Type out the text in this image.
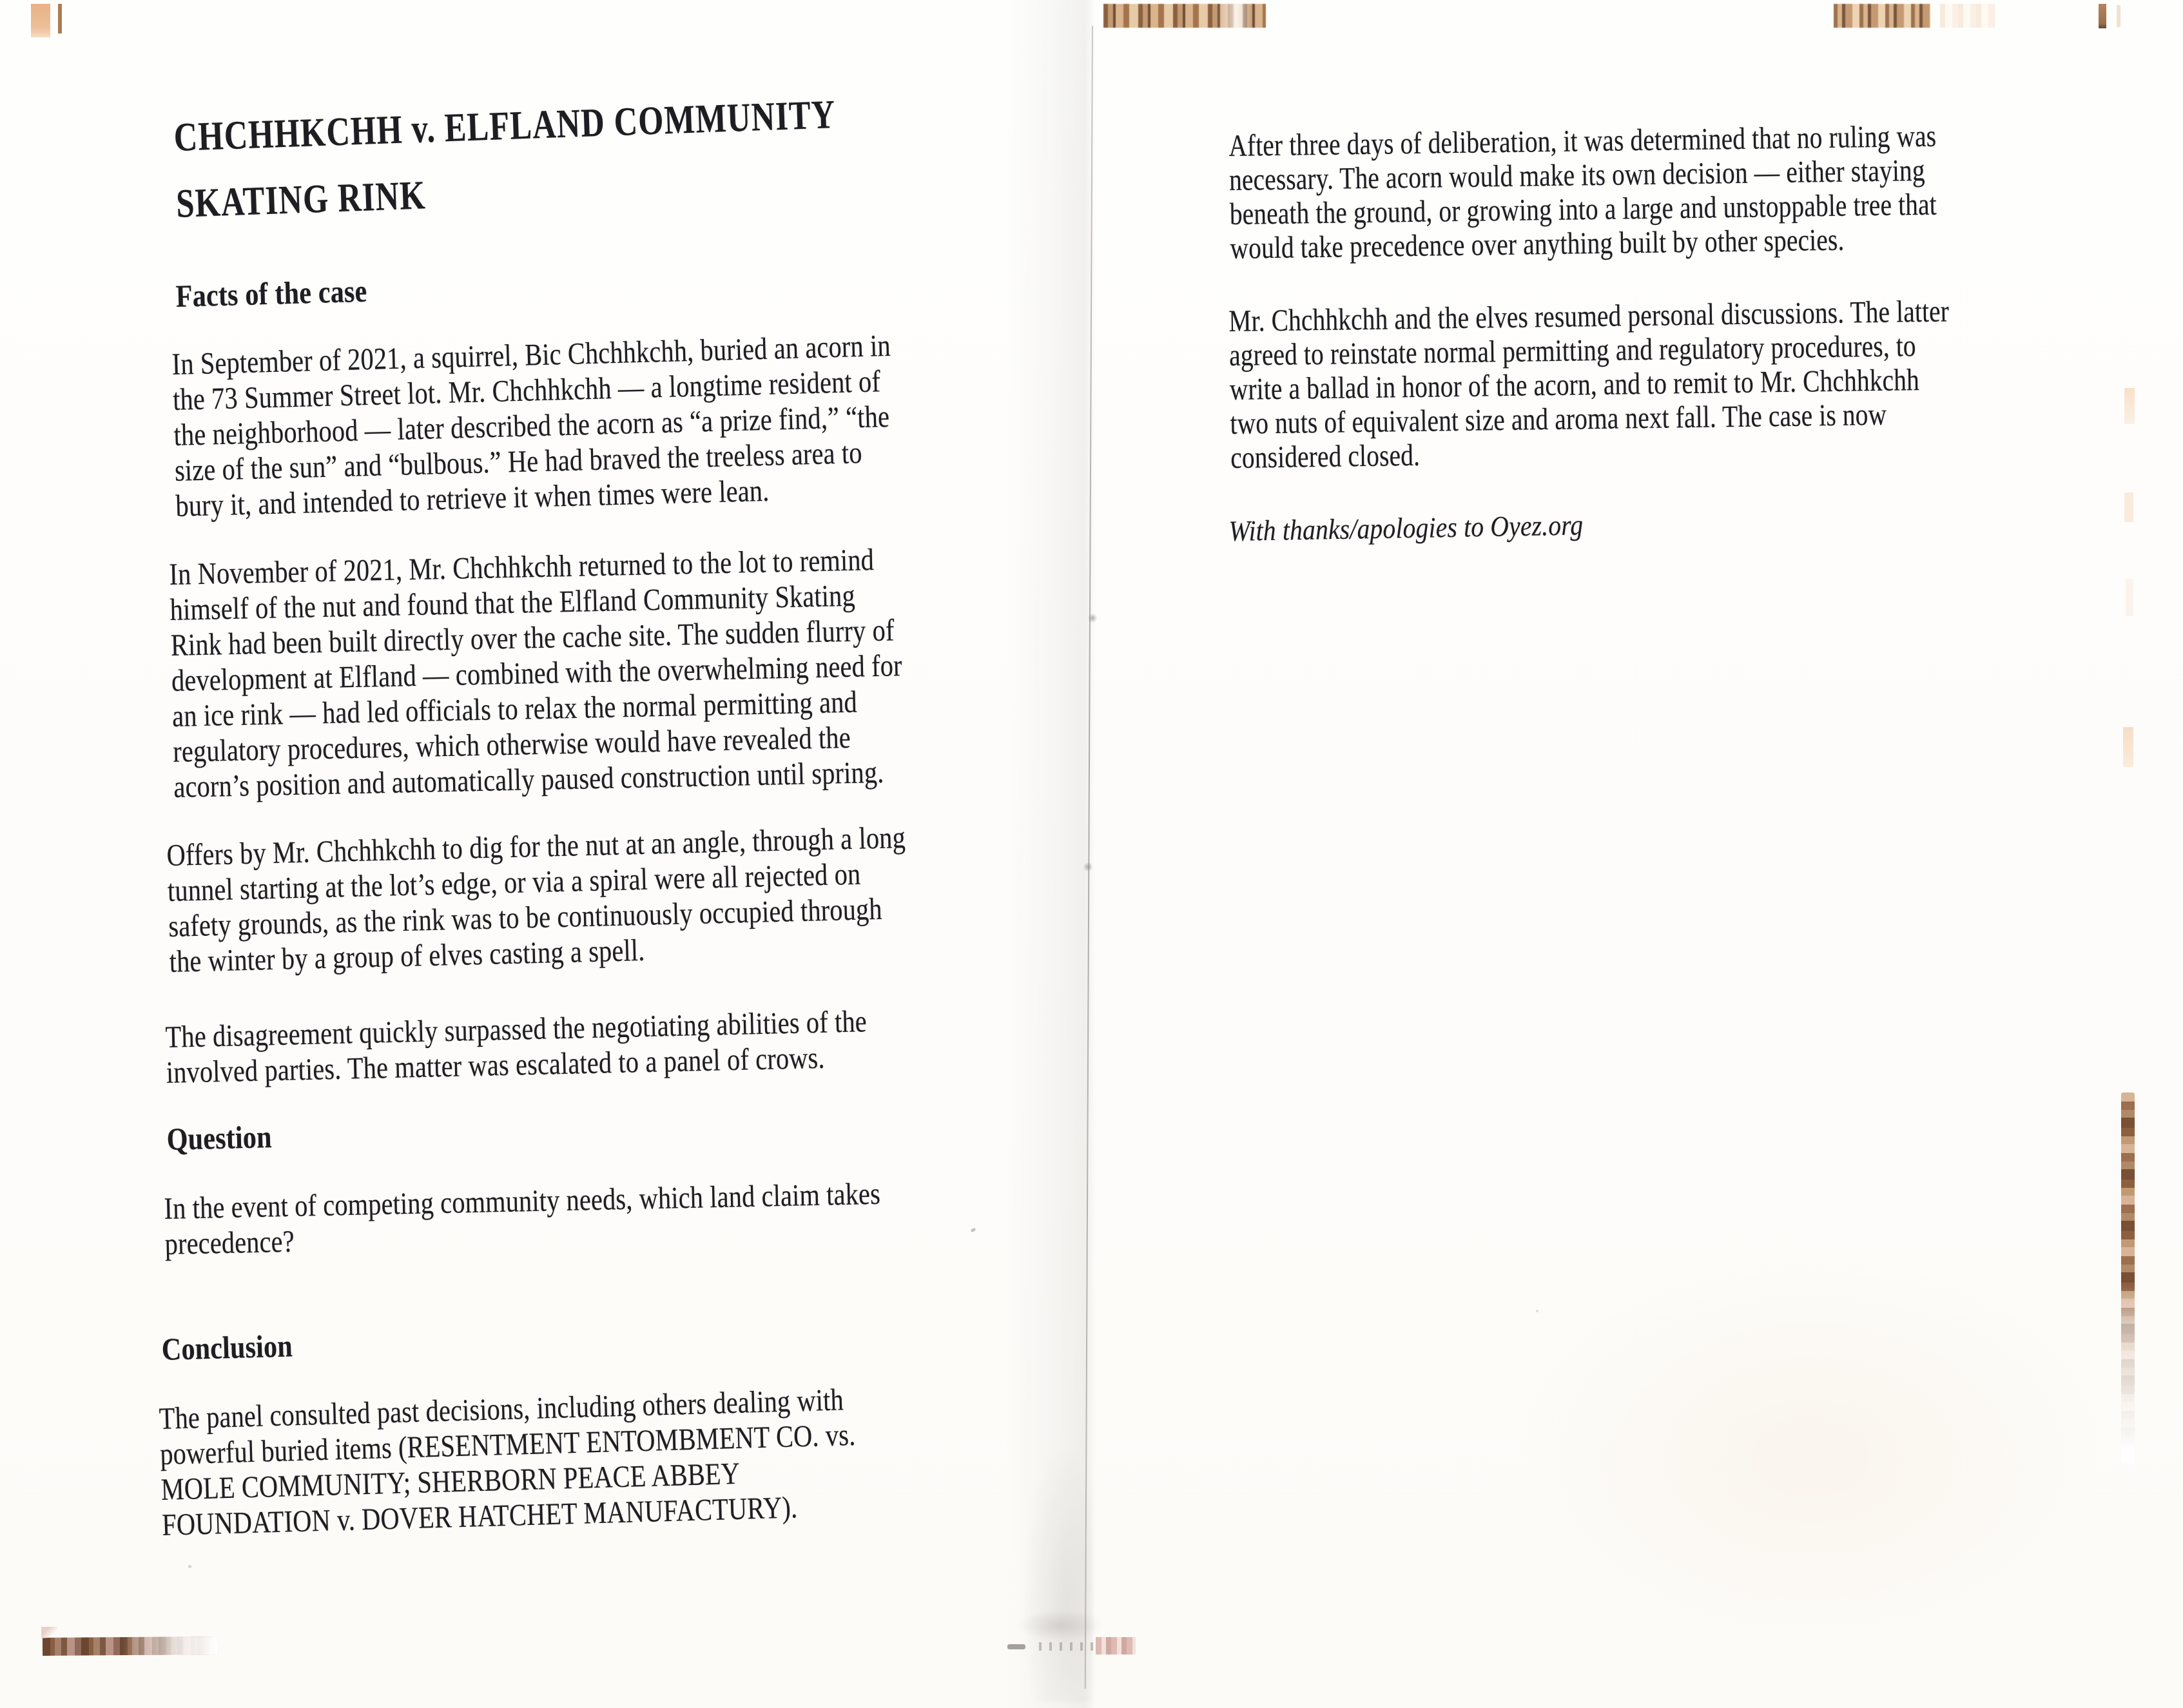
CHCHHKCHH v. ELFLAND COMMUNITY
SKATING RINK
Facts of the case
In September of 2021, a squirrel, Bic Chchhkchh, buried an acorn in
the 73 Summer Street lot. Mr. Chchhkchh — a longtime resident of
the neighborhood — later described the acorn as “a prize find,” “the
size of the sun” and “bulbous.” He had braved the treeless area to
bury it, and intended to retrieve it when times were lean.
In November of 2021, Mr. Chchhkchh returned to the lot to remind
himself of the nut and found that the Elfland Community Skating
Rink had been built directly over the cache site. The sudden flurry of
development at Elfland — combined with the overwhelming need for
an ice rink — had led officials to relax the normal permitting and
regulatory procedures, which otherwise would have revealed the
acorn’s position and automatically paused construction until spring.
Offers by Mr. Chchhkchh to dig for the nut at an angle, through a long
tunnel starting at the lot’s edge, or via a spiral were all rejected on
safety grounds, as the rink was to be continuously occupied through
the winter by a group of elves casting a spell.
The disagreement quickly surpassed the negotiating abilities of the
involved parties. The matter was escalated to a panel of crows.
Question
In the event of competing community needs, which land claim takes
precedence?
Conclusion
The panel consulted past decisions, including others dealing with
powerful buried items (RESENTMENT ENTOMBMENT CO. vs.
MOLE COMMUNITY; SHERBORN PEACE ABBEY
FOUNDATION v. DOVER HATCHET MANUFACTURY).
After three days of deliberation, it was determined that no ruling was
necessary. The acorn would make its own decision — either staying
beneath the ground, or growing into a large and unstoppable tree that
would take precedence over anything built by other species.
Mr. Chchhkchh and the elves resumed personal discussions. The latter
agreed to reinstate normal permitting and regulatory procedures, to
write a ballad in honor of the acorn, and to remit to Mr. Chchhkchh
two nuts of equivalent size and aroma next fall. The case is now
considered closed.
With thanks/apologies to Oyez.org
